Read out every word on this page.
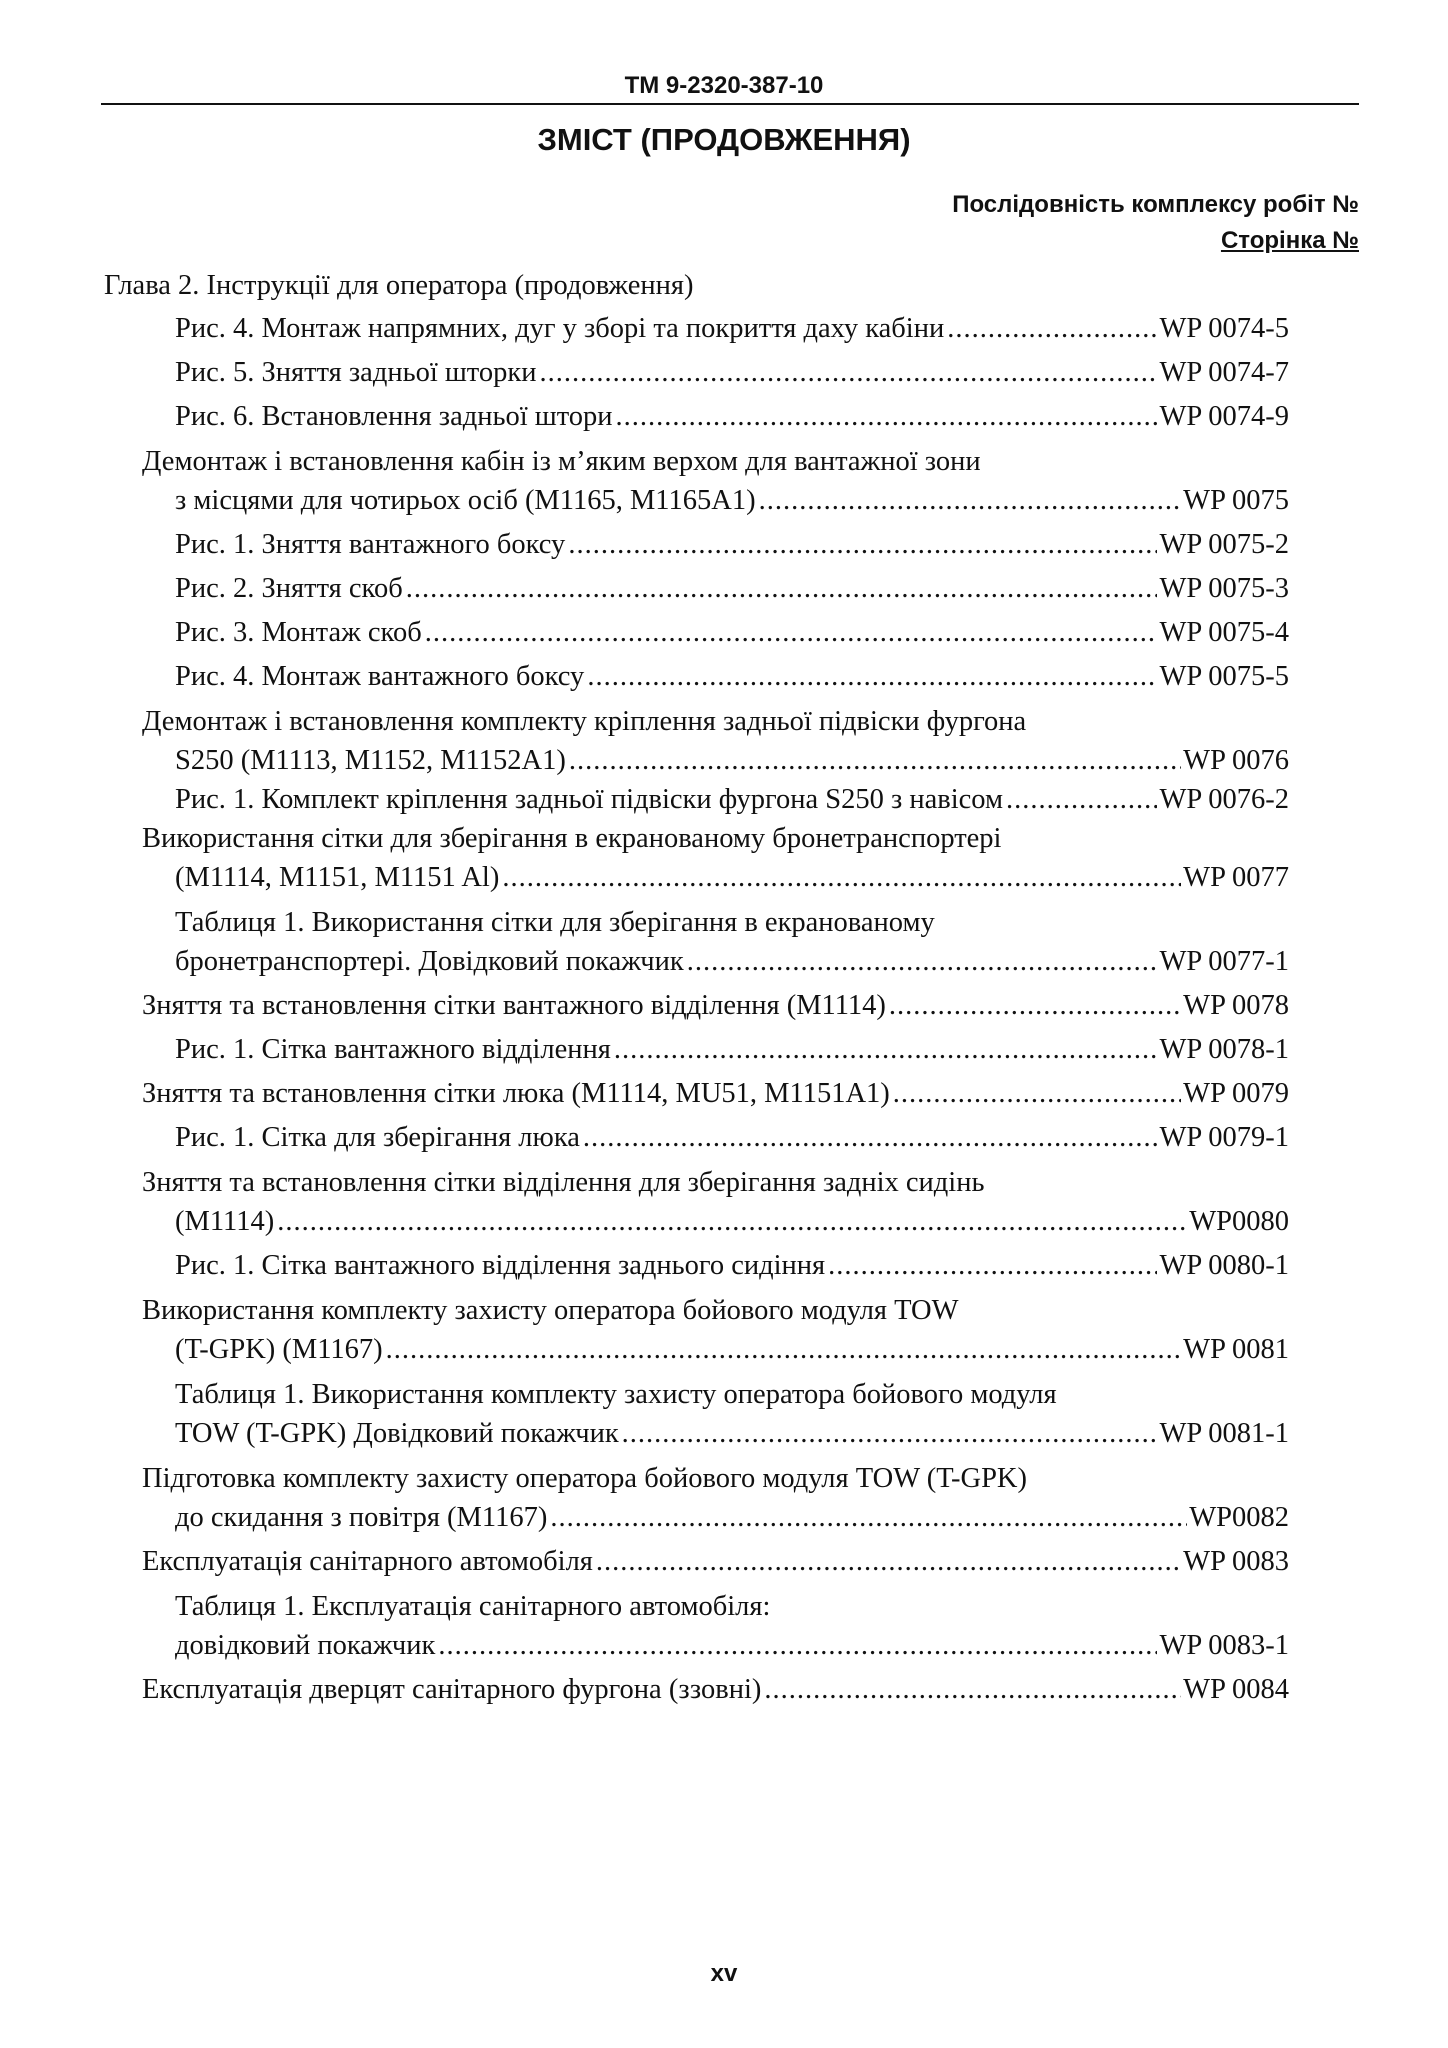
TM 9-2320-387-10
ЗМІСТ (ПРОДОВЖЕННЯ)
Послідовність комплексу робіт №
Сторінка №
Глава 2. Інструкції для оператора (продовження)
Рис. 4. Монтаж напрямних, дуг у зборі та покриття даху кабіни .....	WP 0074-5
Рис. 5. Зняття задньої шторки .....	WP 0074-7
Рис. 6. Встановлення задньої штори .....	WP 0074-9
Демонтаж і встановлення кабін із м’яким верхом для вантажної зони
з місцями для чотирьох осіб (M1165, M1165A1) .....	WP 0075
Рис. 1. Зняття вантажного боксу .....	WP 0075-2
Рис. 2. Зняття скоб .....	WP 0075-3
Рис. 3. Монтаж скоб .....	WP 0075-4
Рис. 4. Монтаж вантажного боксу .....	WP 0075-5
Демонтаж і встановлення комплекту кріплення задньої підвіски фургона
S250 (M1113, M1152, M1152A1) .....	WP 0076
Рис. 1. Комплект кріплення задньої підвіски фургона S250 з навісом .....	WP 0076-2
Використання сітки для зберігання в екранованому бронетранспортері
(M1114, M1151, M1151 Al) .....	WP 0077
Таблиця 1. Використання сітки для зберігання в екранованому
бронетранспортері. Довідковий покажчик .....	WP 0077-1
Зняття та встановлення сітки вантажного відділення (M1114) .....	WP 0078
Рис. 1. Сітка вантажного відділення .....	WP 0078-1
Зняття та встановлення сітки люка (M1114, MU51, M1151A1) .....	WP 0079
Рис. 1. Сітка для зберігання люка .....	WP 0079-1
Зняття та встановлення сітки відділення для зберігання задніх сидінь
(M1114) .....	WP0080
Рис. 1. Сітка вантажного відділення заднього сидіння .....	WP 0080-1
Використання комплекту захисту оператора бойового модуля TOW
(T-GPK) (M1167) .....	WP 0081
Таблиця 1. Використання комплекту захисту оператора бойового модуля
TOW (T-GPK) Довідковий покажчик .....	WP 0081-1
Підготовка комплекту захисту оператора бойового модуля TOW (T-GPK)
до скидання з повітря (M1167) .....	WP0082
Експлуатація санітарного автомобіля .....	WP 0083
Таблиця 1. Експлуатація санітарного автомобіля:
довідковий покажчик .....	WP 0083-1
Експлуатація дверцят санітарного фургона (ззовні) .....	WP 0084
xv
